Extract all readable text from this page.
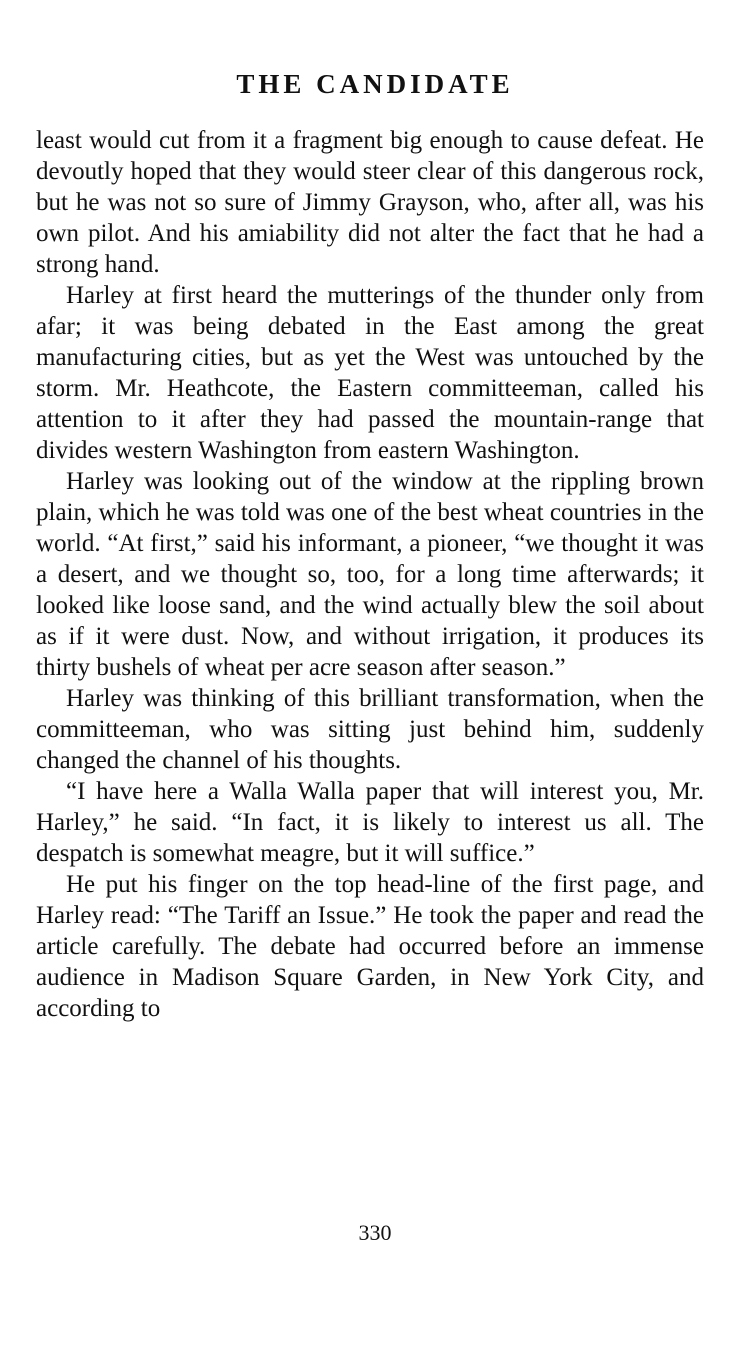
THE CANDIDATE

least would cut from it a fragment big enough to cause defeat. He devoutly hoped that they would steer clear of this dangerous rock, but he was not so sure of Jimmy Grayson, who, after all, was his own pilot. And his amiability did not alter the fact that he had a strong hand.

Harley at first heard the mutterings of the thunder only from afar; it was being debated in the East among the great manufacturing cities, but as yet the West was untouched by the storm. Mr. Heathcote, the Eastern committeeman, called his attention to it after they had passed the mountain-range that divides western Washington from eastern Washington.

Harley was looking out of the window at the rippling brown plain, which he was told was one of the best wheat countries in the world. “At first,” said his informant, a pioneer, “we thought it was a desert, and we thought so, too, for a long time afterwards; it looked like loose sand, and the wind actually blew the soil about as if it were dust. Now, and without irrigation, it produces its thirty bushels of wheat per acre season after season.”

Harley was thinking of this brilliant transformation, when the committeeman, who was sitting just behind him, suddenly changed the channel of his thoughts.

“I have here a Walla Walla paper that will interest you, Mr. Harley,” he said. “In fact, it is likely to interest us all. The despatch is somewhat meagre, but it will suffice.”

He put his finger on the top head-line of the first page, and Harley read: “The Tariff an Issue.” He took the paper and read the article carefully. The debate had occurred before an immense audience in Madison Square Garden, in New York City, and according to

330
